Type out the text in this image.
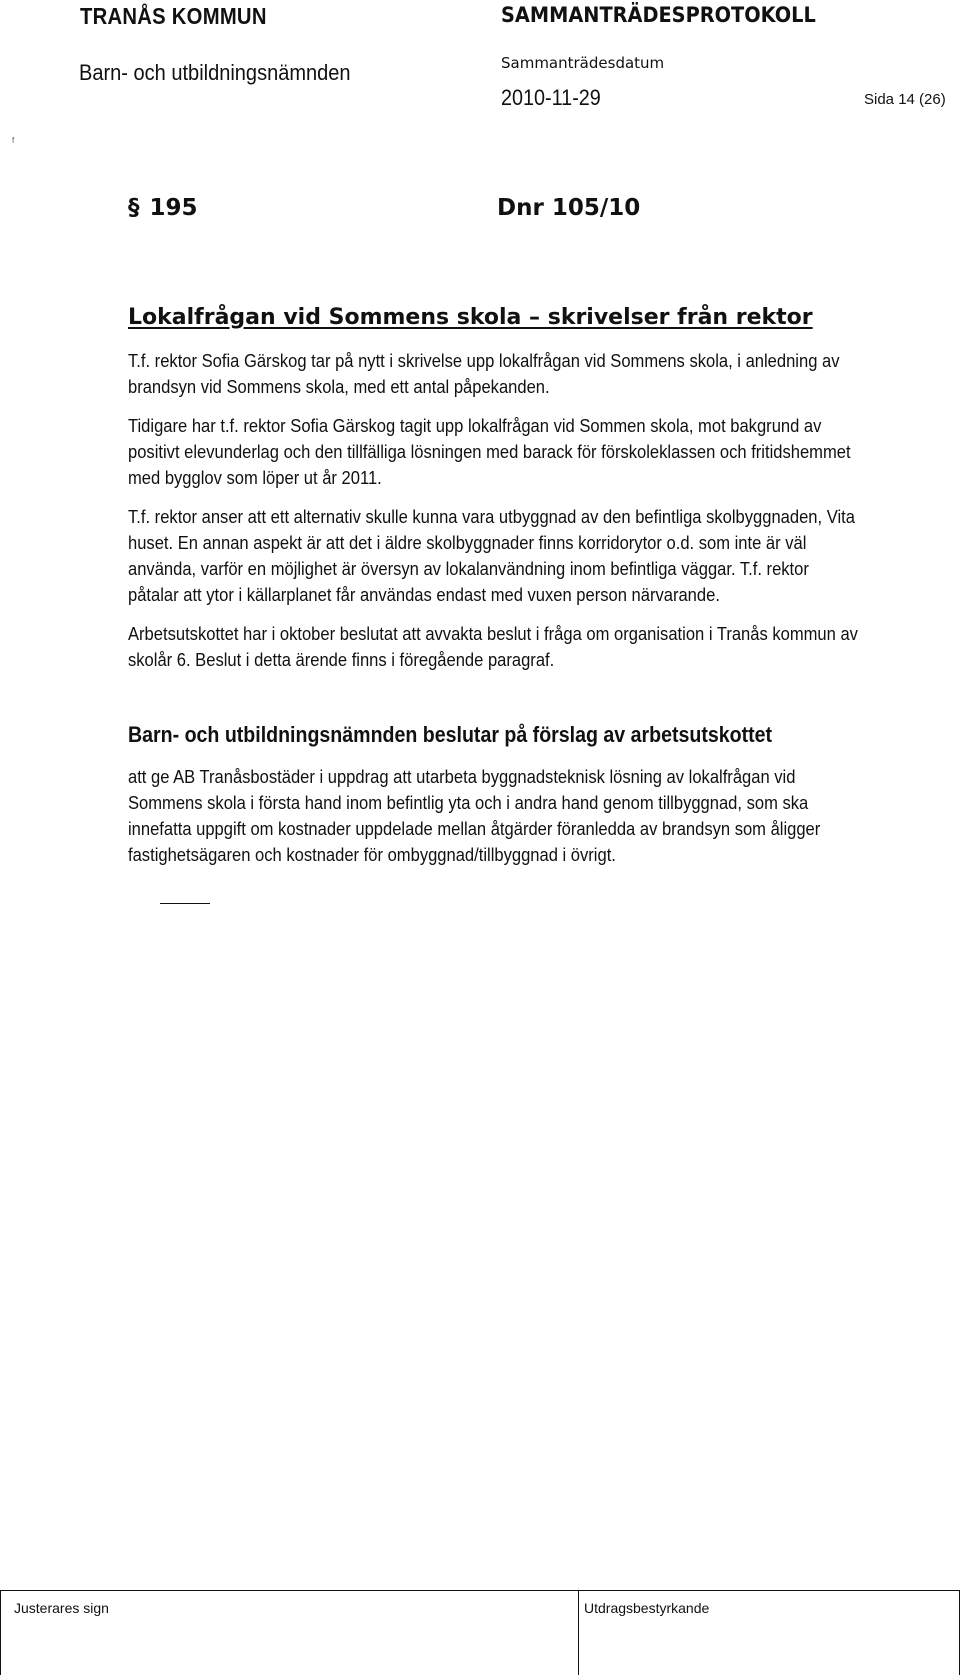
TRANÅS KOMMUN	SAMMANTRÄDESPROTOKOLL
Barn- och utbildningsnämnden	Sammanträdesdatum
2010-11-29	Sida 14 (26)
f
§ 195	Dnr 105/10
Lokalfrågan vid Sommens skola – skrivelser från rektor

T.f. rektor Sofia Gärskog tar på nytt i skrivelse upp lokalfrågan vid Sommens skola, i anledning av

brandsyn vid Sommens skola, med ett antal påpekanden.

Tidigare har t.f. rektor Sofia Gärskog tagit upp lokalfrågan vid Sommen skola, mot bakgrund av

positivt elevunderlag och den tillfälliga lösningen med barack för förskoleklassen och fritidshemmet

med bygglov som löper ut år 2011.

T.f. rektor anser att ett alternativ skulle kunna vara utbyggnad av den befintliga skolbyggnaden, Vita

huset. En annan aspekt är att det i äldre skolbyggnader finns korridorytor o.d. som inte är väl

använda, varför en möjlighet är översyn av lokalanvändning inom befintliga väggar. T.f. rektor

påtalar att ytor i källarplanet får användas endast med vuxen person närvarande.

Arbetsutskottet har i oktober beslutat att avvakta beslut i fråga om organisation i Tranås kommun av

skolår 6. Beslut i detta ärende finns i föregående paragraf.

Barn- och utbildningsnämnden beslutar på förslag av arbetsutskottet

att ge AB Tranåsbostäder i uppdrag att utarbeta byggnadsteknisk lösning av lokalfrågan vid

Sommens skola i första hand inom befintlig yta och i andra hand genom tillbyggnad, som ska

innefatta uppgift om kostnader uppdelade mellan åtgärder föranledda av brandsyn som åligger

fastighetsägaren och kostnader för ombyggnad/tillbyggnad i övrigt.

Justerares sign	Utdragsbestyrkande
